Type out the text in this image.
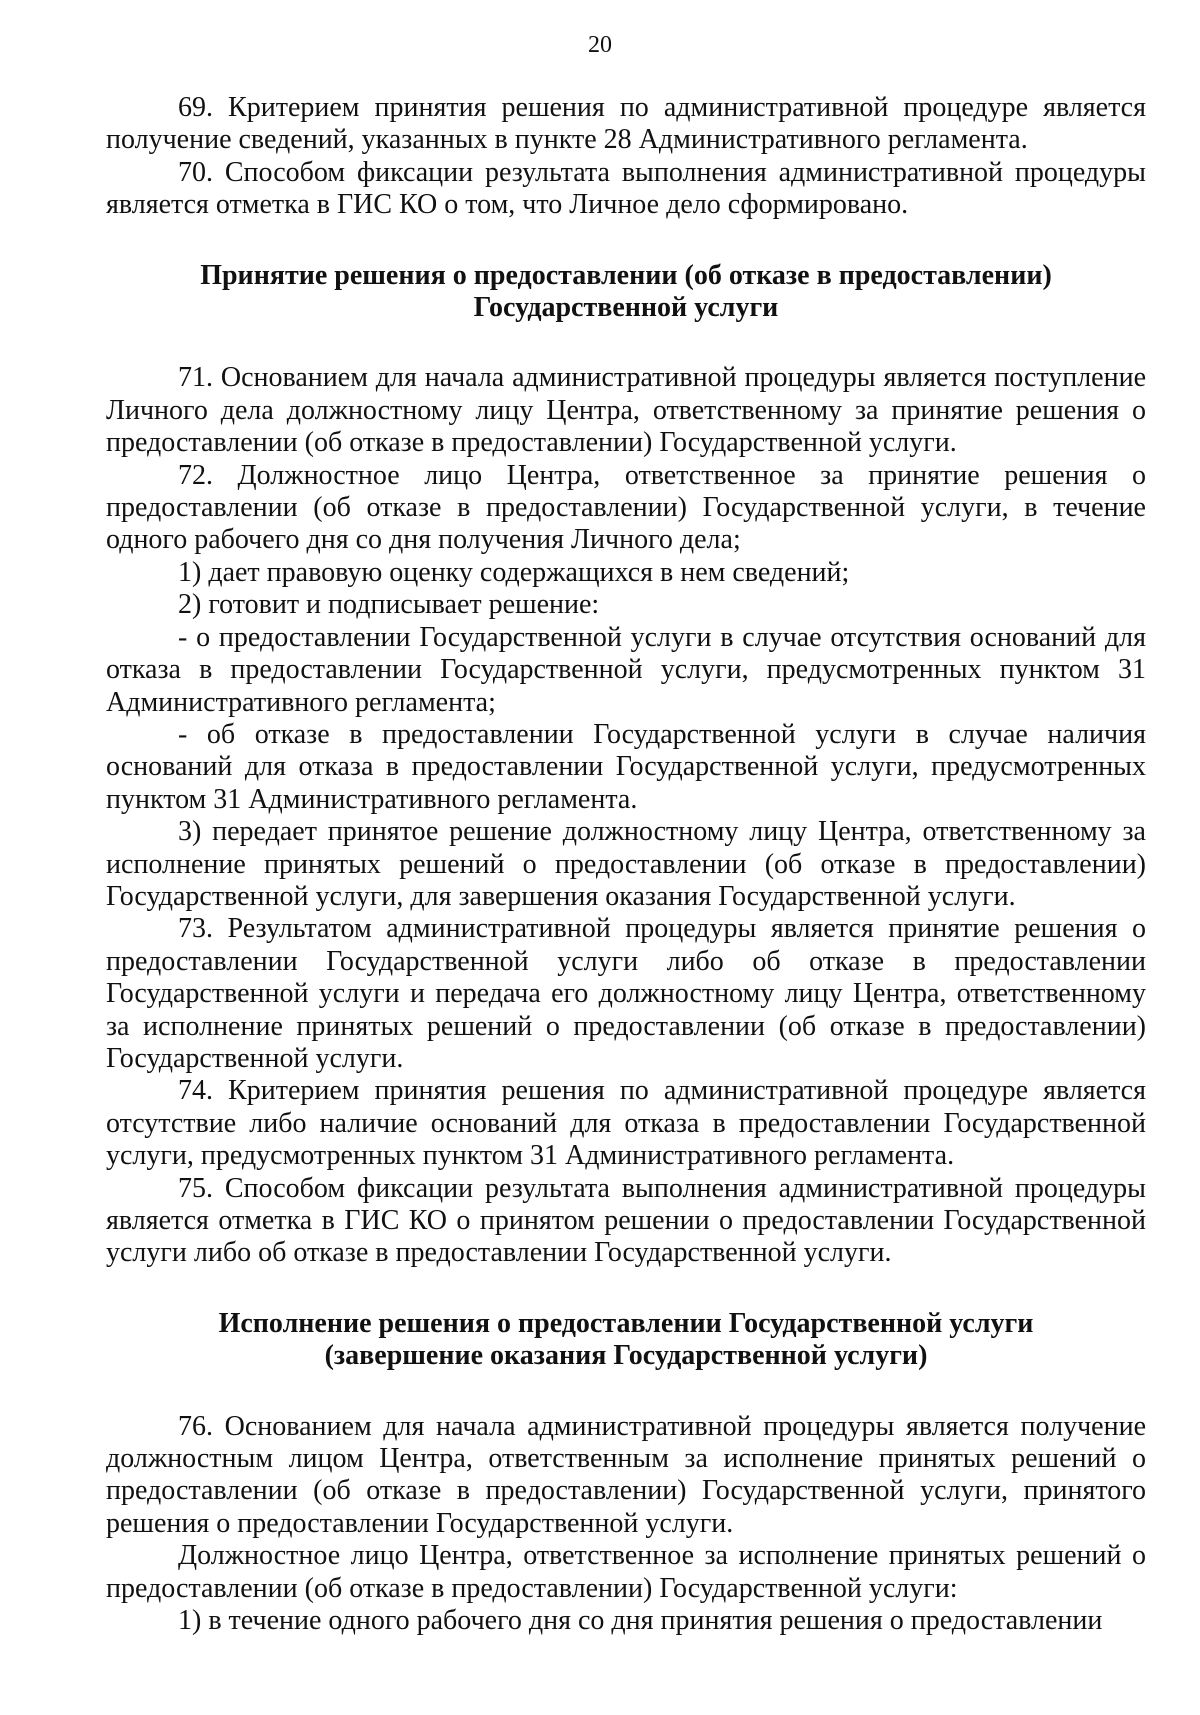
20

69. Критерием принятия решения по административной процедуре является получение сведений, указанных в пункте 28 Административного регламента.

70. Способом фиксации результата выполнения административной процедуры является отметка в ГИС КО о том, что Личное дело сформировано.

Принятие решения о предоставлении (об отказе в предоставлении)

Государственной услуги

71. Основанием для начала административной процедуры является поступление Личного дела должностному лицу Центра, ответственному за принятие решения о предоставлении (об отказе в предоставлении) Государственной услуги.

72. Должностное лицо Центра, ответственное за принятие решения о предоставлении (об отказе в предоставлении) Государственной услуги, в течение одного рабочего дня со дня получения Личного дела;

1) дает правовую оценку содержащихся в нем сведений;

2) готовит и подписывает решение:

- о предоставлении Государственной услуги в случае отсутствия оснований для отказа в предоставлении Государственной услуги, предусмотренных пунктом 31 Административного регламента;

- об отказе в предоставлении Государственной услуги в случае наличия оснований для отказа в предоставлении Государственной услуги, предусмотренных пунктом 31 Административного регламента.

3) передает принятое решение должностному лицу Центра, ответственному за исполнение принятых решений о предоставлении (об отказе в предоставлении) Государственной услуги, для завершения оказания Государственной услуги.

73. Результатом административной процедуры является принятие решения о предоставлении Государственной услуги либо об отказе в предоставлении Государственной услуги и передача его должностному лицу Центра, ответственному за исполнение принятых решений о предоставлении (об отказе в предоставлении) Государственной услуги.

74. Критерием принятия решения по административной процедуре является отсутствие либо наличие оснований для отказа в предоставлении Государственной услуги, предусмотренных пунктом 31 Административного регламента.

75. Способом фиксации результата выполнения административной процедуры является отметка в ГИС КО о принятом решении о предоставлении Государственной услуги либо об отказе в предоставлении Государственной услуги.

Исполнение решения о предоставлении Государственной услуги

(завершение оказания Государственной услуги)

76. Основанием для начала административной процедуры является получение должностным лицом Центра, ответственным за исполнение принятых решений о предоставлении (об отказе в предоставлении) Государственной услуги, принятого решения о предоставлении Государственной услуги.

Должностное лицо Центра, ответственное за исполнение принятых решений о предоставлении (об отказе в предоставлении) Государственной услуги:

1) в течение одного рабочего дня со дня принятия решения о предоставлении
